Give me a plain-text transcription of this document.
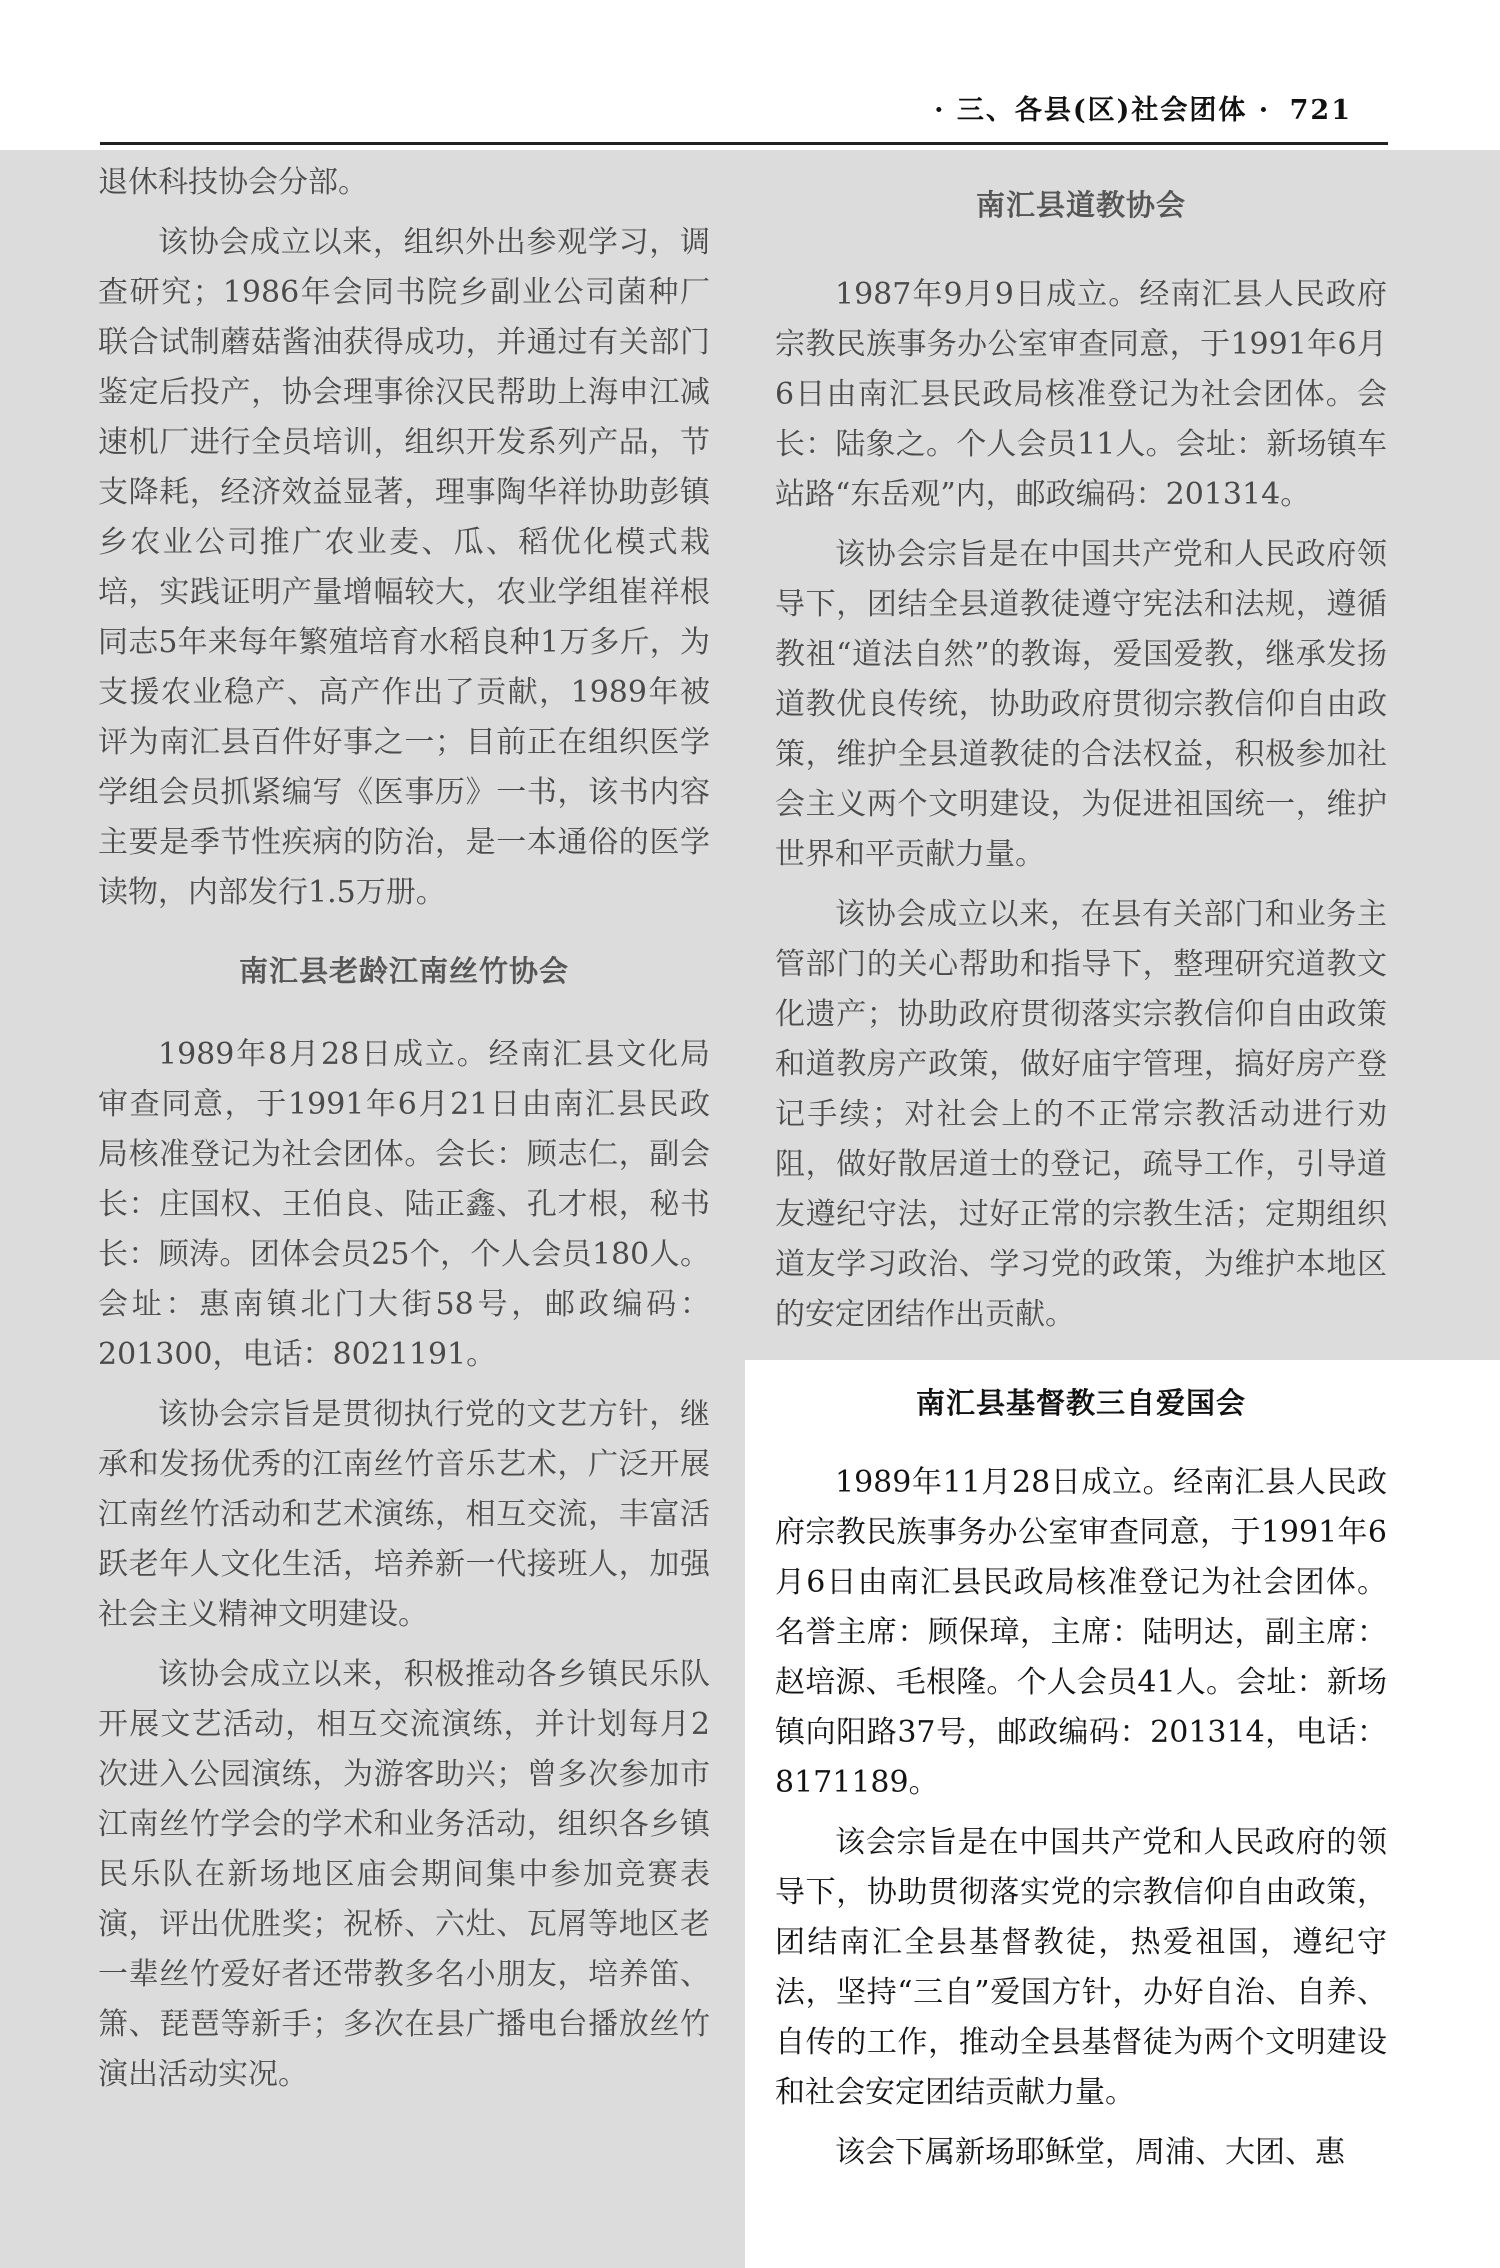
· 三、各县(区)社会团体 · 721

退休科技协会分部。

该协会成立以来，组织外出参观学习，调查研究；1986年会同书院乡副业公司菌种厂联合试制蘑菇酱油获得成功，并通过有关部门鉴定后投产，协会理事徐汉民帮助上海申江减速机厂进行全员培训，组织开发系列产品，节支降耗，经济效益显著，理事陶华祥协助彭镇乡农业公司推广农业麦、瓜、稻优化模式栽培，实践证明产量增幅较大，农业学组崔祥根同志5年来每年繁殖培育水稻良种1万多斤，为支援农业稳产、高产作出了贡献，1989年被评为南汇县百件好事之一；目前正在组织医学学组会员抓紧编写《医事历》一书，该书内容主要是季节性疾病的防治，是一本通俗的医学读物，内部发行1.5万册。

南汇县老龄江南丝竹协会

1989年8月28日成立。经南汇县文化局审查同意，于1991年6月21日由南汇县民政局核准登记为社会团体。会长：顾志仁，副会长：庄国权、王伯良、陆正鑫、孔才根，秘书长：顾涛。团体会员25个，个人会员180人。会址：惠南镇北门大街58号，邮政编码：201300，电话：8021191。

该协会宗旨是贯彻执行党的文艺方针，继承和发扬优秀的江南丝竹音乐艺术，广泛开展江南丝竹活动和艺术演练，相互交流，丰富活跃老年人文化生活，培养新一代接班人，加强社会主义精神文明建设。

该协会成立以来，积极推动各乡镇民乐队开展文艺活动，相互交流演练，并计划每月2次进入公园演练，为游客助兴；曾多次参加市江南丝竹学会的学术和业务活动，组织各乡镇民乐队在新场地区庙会期间集中参加竞赛表演，评出优胜奖；祝桥、六灶、瓦屑等地区老一辈丝竹爱好者还带教多名小朋友，培养笛、箫、琵琶等新手；多次在县广播电台播放丝竹演出活动实况。

南汇县道教协会

1987年9月9日成立。经南汇县人民政府宗教民族事务办公室审查同意，于1991年6月6日由南汇县民政局核准登记为社会团体。会长：陆象之。个人会员11人。会址：新场镇车站路“东岳观”内，邮政编码：201314。

该协会宗旨是在中国共产党和人民政府领导下，团结全县道教徒遵守宪法和法规，遵循教祖“道法自然”的教诲，爱国爱教，继承发扬道教优良传统，协助政府贯彻宗教信仰自由政策，维护全县道教徒的合法权益，积极参加社会主义两个文明建设，为促进祖国统一，维护世界和平贡献力量。

该协会成立以来，在县有关部门和业务主管部门的关心帮助和指导下，整理研究道教文化遗产；协助政府贯彻落实宗教信仰自由政策和道教房产政策，做好庙宇管理，搞好房产登记手续；对社会上的不正常宗教活动进行劝阻，做好散居道士的登记，疏导工作，引导道友遵纪守法，过好正常的宗教生活；定期组织道友学习政治、学习党的政策，为维护本地区的安定团结作出贡献。

南汇县基督教三自爱国会

1989年11月28日成立。经南汇县人民政府宗教民族事务办公室审查同意，于1991年6月6日由南汇县民政局核准登记为社会团体。名誉主席：顾保璋，主席：陆明达，副主席：赵培源、毛根隆。个人会员41人。会址：新场镇向阳路37号，邮政编码：201314，电话：8171189。

该会宗旨是在中国共产党和人民政府的领导下，协助贯彻落实党的宗教信仰自由政策，团结南汇全县基督教徒，热爱祖国，遵纪守法，坚持“三自”爱国方针，办好自治、自养、自传的工作，推动全县基督徒为两个文明建设和社会安定团结贡献力量。

该会下属新场耶稣堂，周浦、大团、惠
